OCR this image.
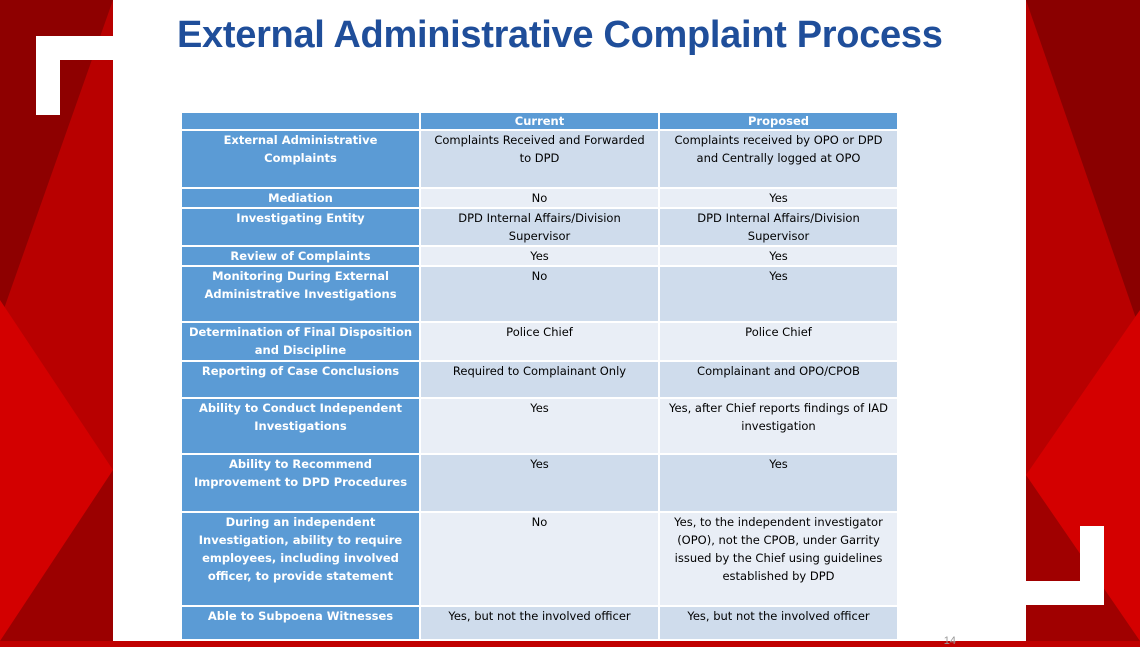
External Administrative Complaint Process
	Current	Proposed
External Administrative Complaints	Complaints Received and Forwarded to DPD	Complaints received by OPO or DPD and Centrally logged at OPO
Mediation	No	Yes
Investigating Entity	DPD Internal Affairs/Division Supervisor	DPD Internal Affairs/Division Supervisor
Review of Complaints	Yes	Yes
Monitoring During External Administrative Investigations	No	Yes
Determination of Final Disposition and Discipline	Police Chief	Police Chief
Reporting of Case Conclusions	Required to Complainant Only	Complainant and OPO/CPOB
Ability to Conduct Independent Investigations	Yes	Yes, after Chief reports findings of IAD investigation
Ability to Recommend Improvement to DPD Procedures	Yes	Yes
During an independent Investigation, ability to require employees, including involved officer, to provide statement	No	Yes, to the independent investigator (OPO), not the CPOB, under Garrity issued by the Chief using guidelines established by DPD
Able to Subpoena Witnesses	Yes, but not the involved officer	Yes, but not the involved officer
14
